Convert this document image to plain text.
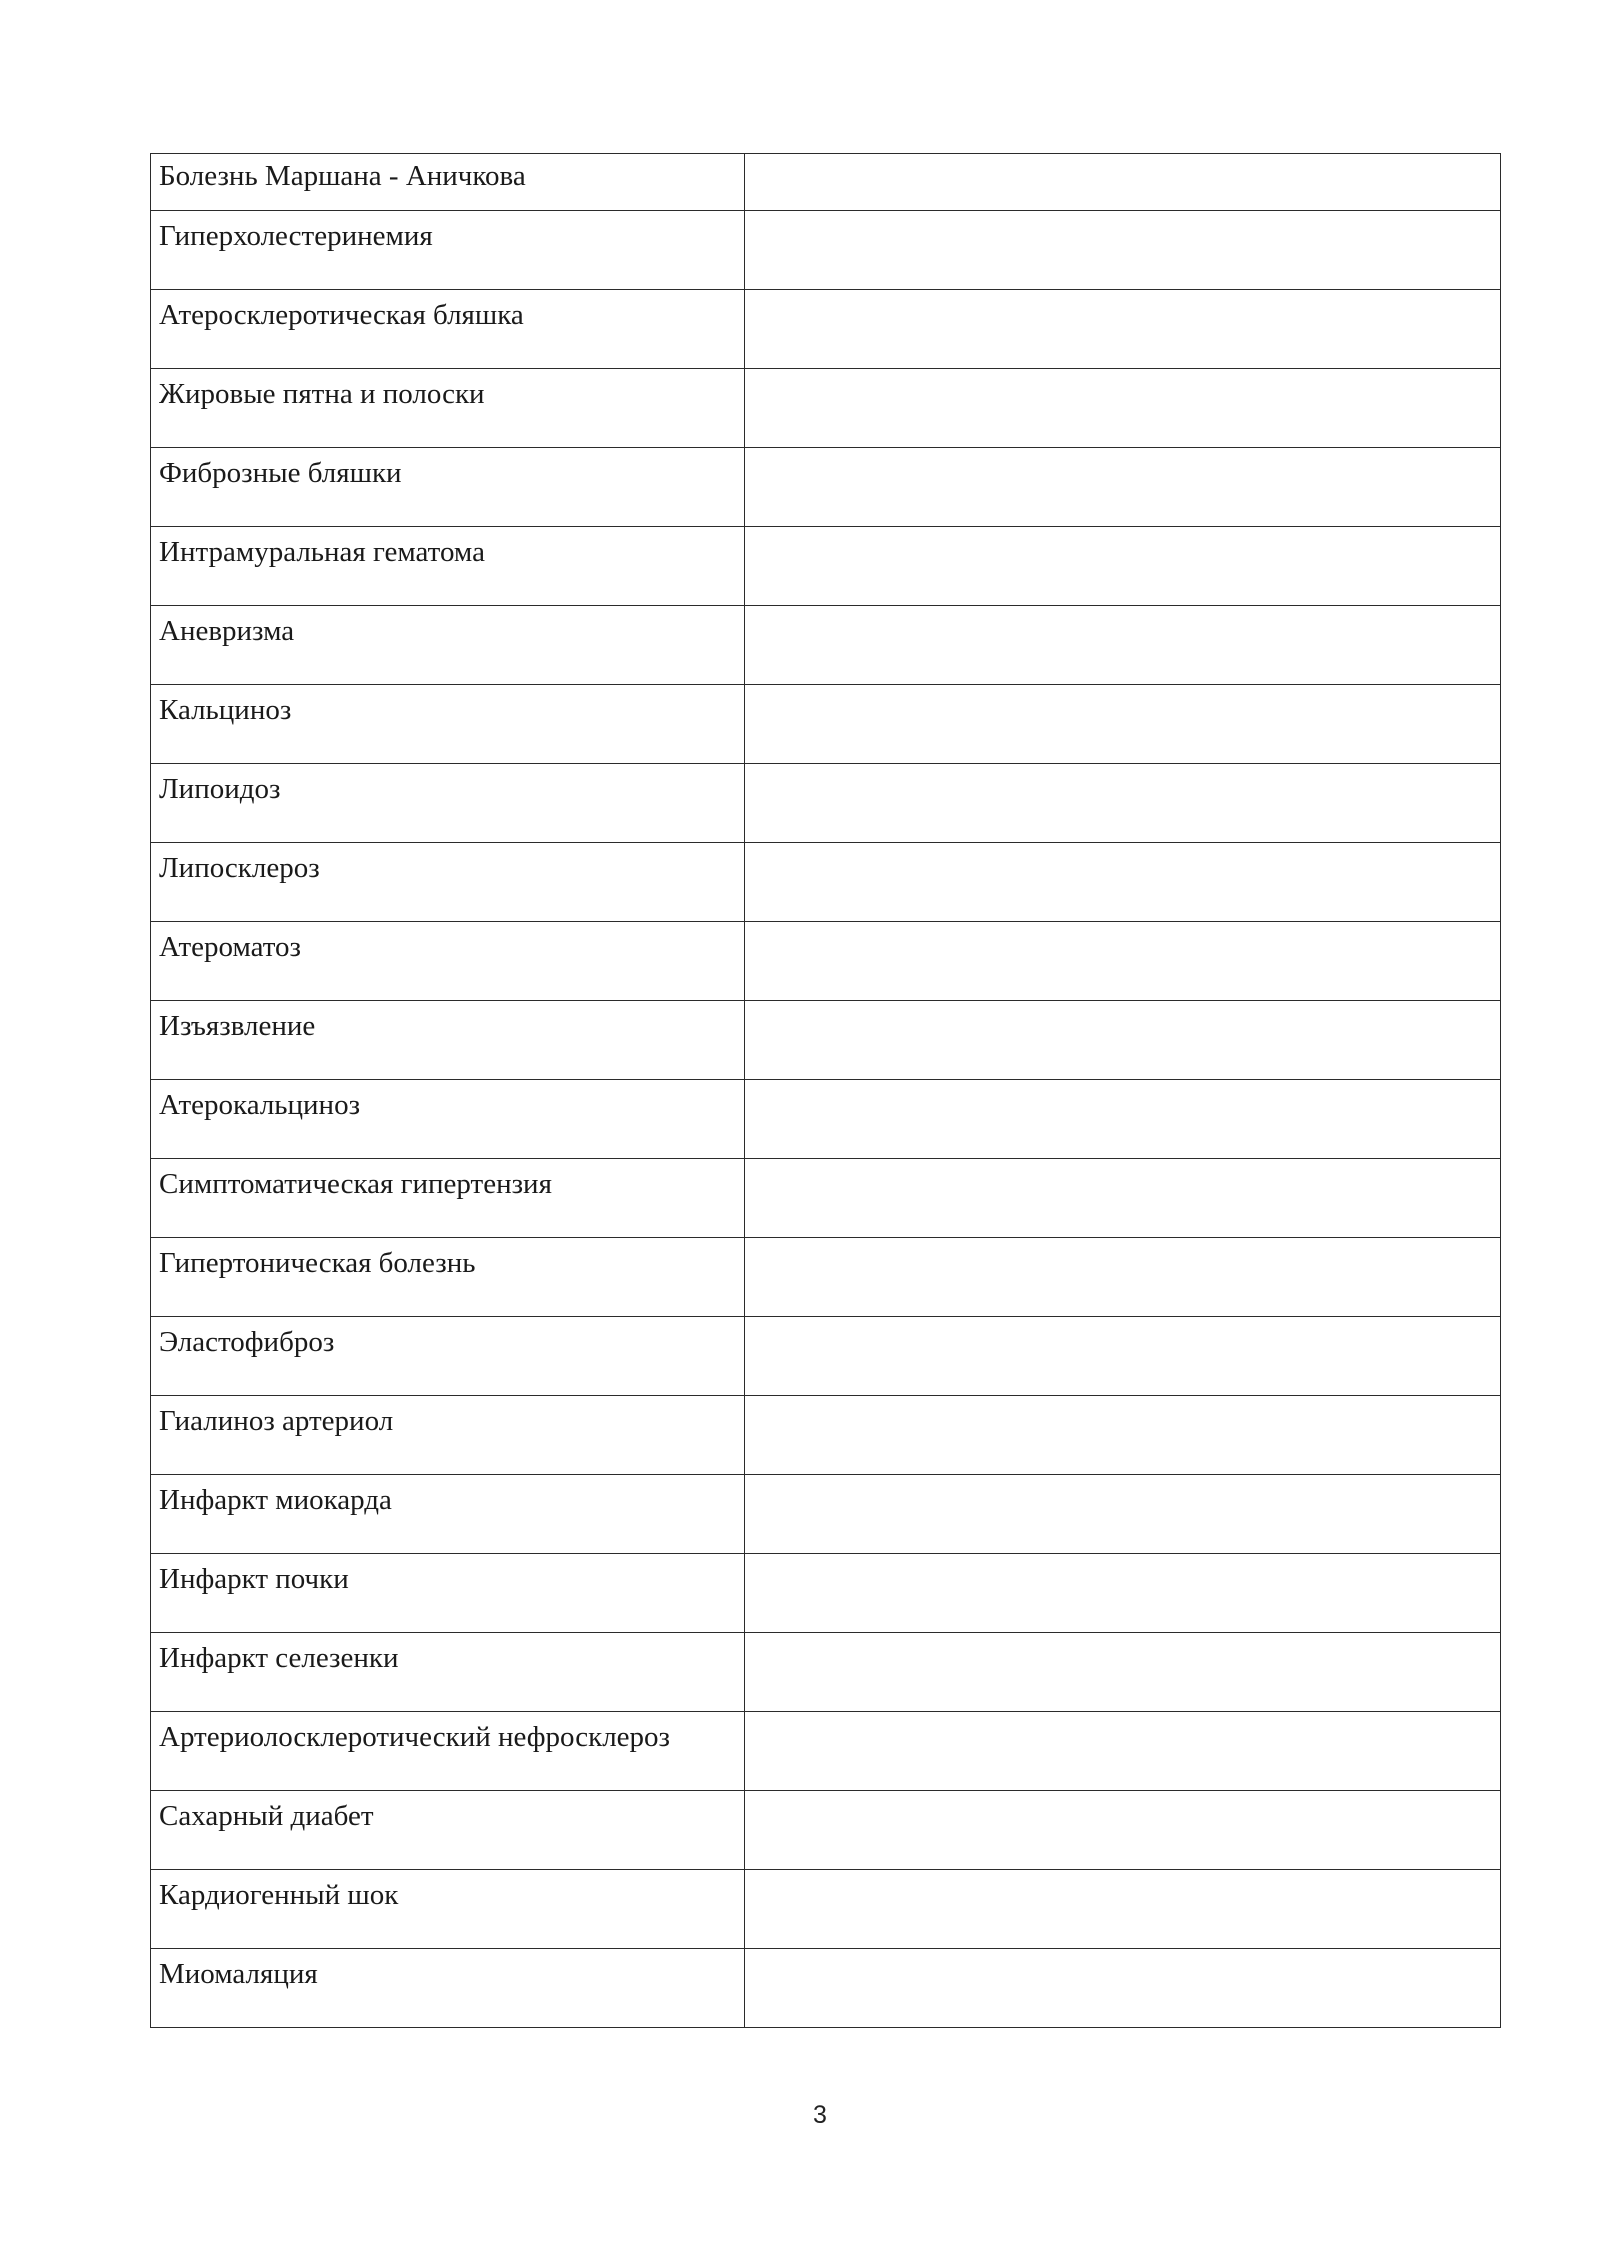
Болезнь Маршана - Аничкова	

Гиперхолестеринемия	

Атеросклеротическая бляшка	

Жировые пятна и полоски	

Фиброзные бляшки	

Интрамуральная гематома	

Аневризма	

Кальциноз	

Липоидоз	

Липосклероз	

Атероматоз	

Изъязвление	

Атерокальциноз	

Симптоматическая гипертензия	

Гипертоническая болезнь	

Эластофиброз	

Гиалиноз артериол	

Инфаркт миокарда	

Инфаркт почки	

Инфаркт селезенки	

Артериолосклеротический нефросклероз	

Сахарный диабет	

Кардиогенный шок	

Миомаляция	

3
